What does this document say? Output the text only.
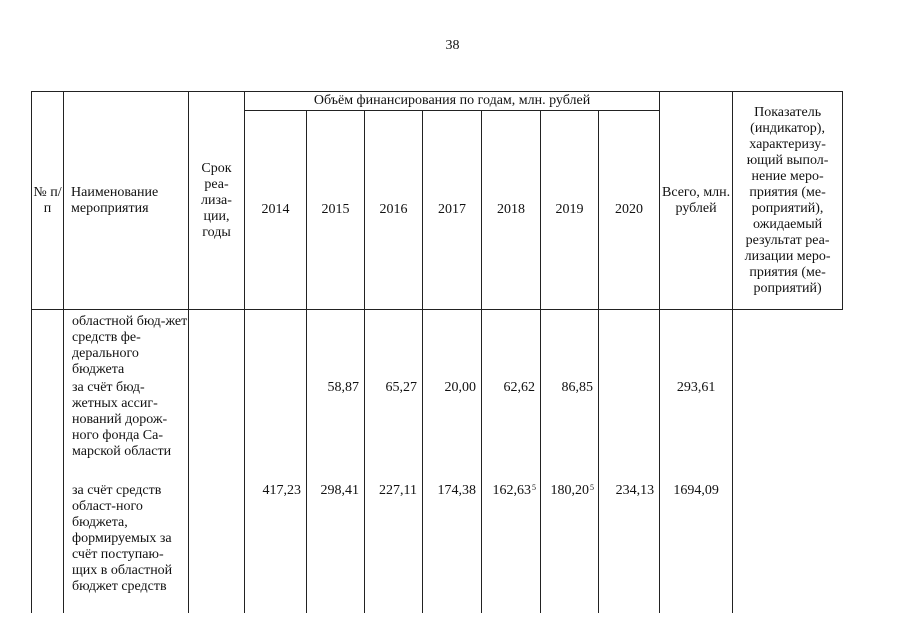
38
№ п/п	Наименование мероприятия	Срок реа-лиза-ции, годы	Объём финансирования по годам, млн. рублей							Всего, млн. рублей	Показатель (индикатор), характеризу-ющий выпол-нение меро-приятия (ме-роприятий), ожидаемый результат реа-лизации меро-приятия (ме-роприятий)
			2014	2015	2016	2017	2018	2019	2020		
	областной бюд-жет средств фе-дерального бюджета										
	за счёт бюд-жетных ассиг-нований дорож-ного фонда Са-марской области			58,87	65,27	20,00	62,62	86,85		293,61	
	за счёт средств област-ного бюджета, формируемых за счёт поступаю-щих в областной бюджет средств		417,23	298,41	227,11	174,38	162,63$^5$	180,20$^5$	234,13	1694,09	
